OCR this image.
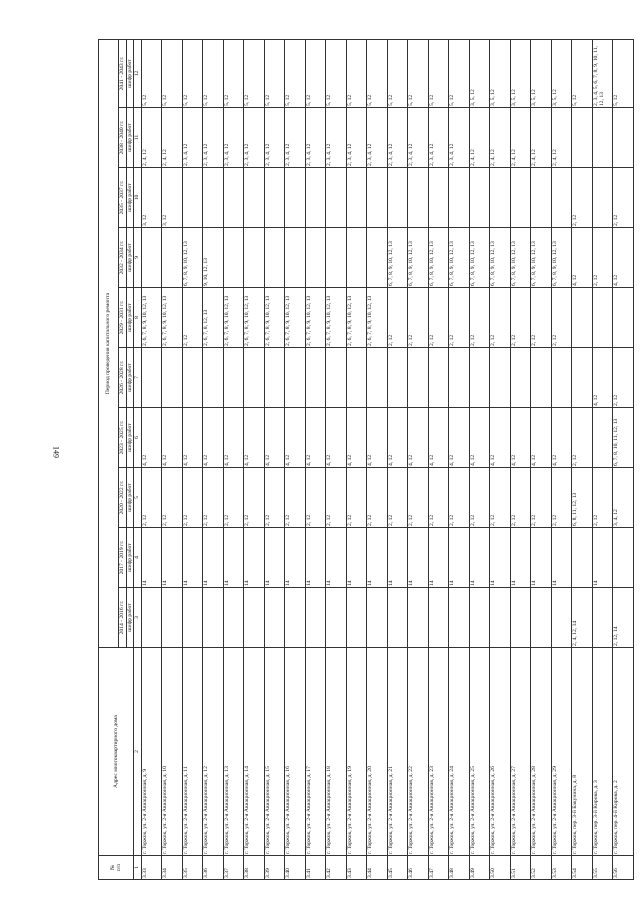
149
№
п/п	Адрес многоквартирного дома	Период проведения капитального ремонта									
		2014 - 2016 гг.	2017 - 2019 гг.	2020 - 2022 гг.	2023 - 2025 гг.	2026 - 2028 гг.	2029 - 2031 гг.	2032 - 2034 гг.	2035 - 2037 гг.	2038 - 2040 гг.	2041 - 2043 гг.
		шифр работ	шифр работ	шифр работ	шифр работ	шифр работ	шифр работ	шифр работ	шифр работ	шифр работ	шифр работ
1	2	3	4	5	6	7	8	9	10	11	12
3.33	г. Торжок, ул. 2-я Авиационная, д. 9		14	2, 12	4, 12		2, 6, 7, 8, 9, 10, 12, 13		3, 12	2, 4, 12	5, 12
3.34	г. Торжок, ул. 2-я Авиационная, д. 10		14	2, 12	4, 12		2, 6, 7, 8, 9, 10, 12, 13		3, 12	2, 4, 12	5, 12
3.35	г. Торжок, ул. 2-я Авиационная, д. 11		14	2, 12	4, 12		2, 12	6, 7, 8, 9, 10, 12, 13		2, 3, 4, 12	5, 12
3.36	г. Торжок, ул. 2-я Авиационная, д. 12		14	2, 12	4, 12		2, 6, 7, 8, 12, 13	9, 10, 12, 13		2, 3, 4, 12	5, 12
3.37	г. Торжок, ул. 2-я Авиационная, д. 13		14	2, 12	4, 12		2, 6, 7, 8, 9, 10, 12, 13			2, 3, 4, 12	5, 12
3.38	г. Торжок, ул. 2-я Авиационная, д. 14		14	2, 12	4, 12		2, 6, 7, 8, 9, 10, 12, 13			2, 3, 4, 12	5, 12
3.39	г. Торжок, ул. 2-я Авиационная, д. 15		14	2, 12	4, 12		2, 6, 7, 8, 9, 10, 12, 13			2, 3, 4, 12	5, 12
3.40	г. Торжок, ул. 2-я Авиационная, д. 16		14	2, 12	4, 12		2, 6, 7, 8, 9, 10, 12, 13			2, 3, 4, 12	5, 12
3.41	г. Торжок, ул. 2-я Авиационная, д. 17		14	2, 12	4, 12		2, 6, 7, 8, 9, 10, 12, 13			2, 3, 4, 12	5, 12
3.42	г. Торжок, ул. 2-я Авиационная, д. 18		14	2, 12	4, 12		2, 6, 7, 8, 9, 10, 12, 13			2, 3, 4, 12	5, 12
3.43	г. Торжок, ул. 2-я Авиационная, д. 19		14	2, 12	4, 12		2, 6, 7, 8, 9, 10, 12, 13			2, 3, 4, 12	5, 12
3.44	г. Торжок, ул. 2-я Авиационная, д. 20		14	2, 12	4, 12		2, 6, 7, 8, 9, 10, 12, 13			2, 3, 4, 12	5, 12
3.45	г. Торжок, ул. 2-я Авиационная, д. 21		14	2, 12	4, 12		2, 12	6, 7, 8, 9, 10, 12, 13		2, 3, 4, 12	5, 12
3.46	г. Торжок, ул. 2-я Авиационная, д. 22		14	2, 12	4, 12		2, 12	6, 7, 8, 9, 10, 12, 13		2, 3, 4, 12	5, 12
3.47	г. Торжок, ул. 2-я Авиационная, д. 23		14	2, 12	4, 12		2, 12	6, 7, 8, 9, 10, 12, 13		2, 3, 4, 12	5, 12
3.48	г. Торжок, ул. 2-я Авиационная, д. 24		14	2, 12	4, 12		2, 12	6, 7, 8, 9, 10, 12, 13		2, 3, 4, 12	5, 12
3.49	г. Торжок, ул. 2-я Авиационная, д. 25		14	2, 12	4, 12		2, 12	6, 7, 8, 9, 10, 12, 13		2, 4, 12	3, 5, 12
3.50	г. Торжок, ул. 2-я Авиационная, д. 26		14	2, 12	4, 12		2, 12	6, 7, 8, 9, 10, 12, 13		2, 4, 12	3, 5, 12
3.51	г. Торжок, ул. 2-я Авиационная, д. 27		14	2, 12	4, 12		2, 12	6, 7, 8, 9, 10, 12, 13		2, 4, 12	3, 5, 12
3.52	г. Торжок, ул. 2-я Авиационная, д. 28		14	2, 12	4, 12		2, 12	6, 7, 8, 9, 10, 12, 13		2, 4, 12	3, 5, 12
3.53	г. Торжок, ул. 2-я Авиационная, д. 29		14	2, 12	4, 12		2, 12	6, 7, 8, 9, 10, 12, 13		2, 4, 12	3, 5, 12
3.54	г. Торжок, пер. 3-й Бакунина, д. 8	2, 4, 12, 14		6, 8, 11, 12, 13	2, 12			4, 12	2, 12		5, 12
3.55	г. Торжок, пер. 3-й Кирова, д. 3		14	2, 12		4, 12		2, 12			2, 3, 4, 5, 6, 7, 8, 9, 10, 11, 12, 13
3.56	г. Торжок, пер. 4-й Кирова, д. 2	2, 12, 14		3, 4, 12	6, 7, 8, 10, 11, 12, 13	2, 12		4, 12	2, 12		5, 12
